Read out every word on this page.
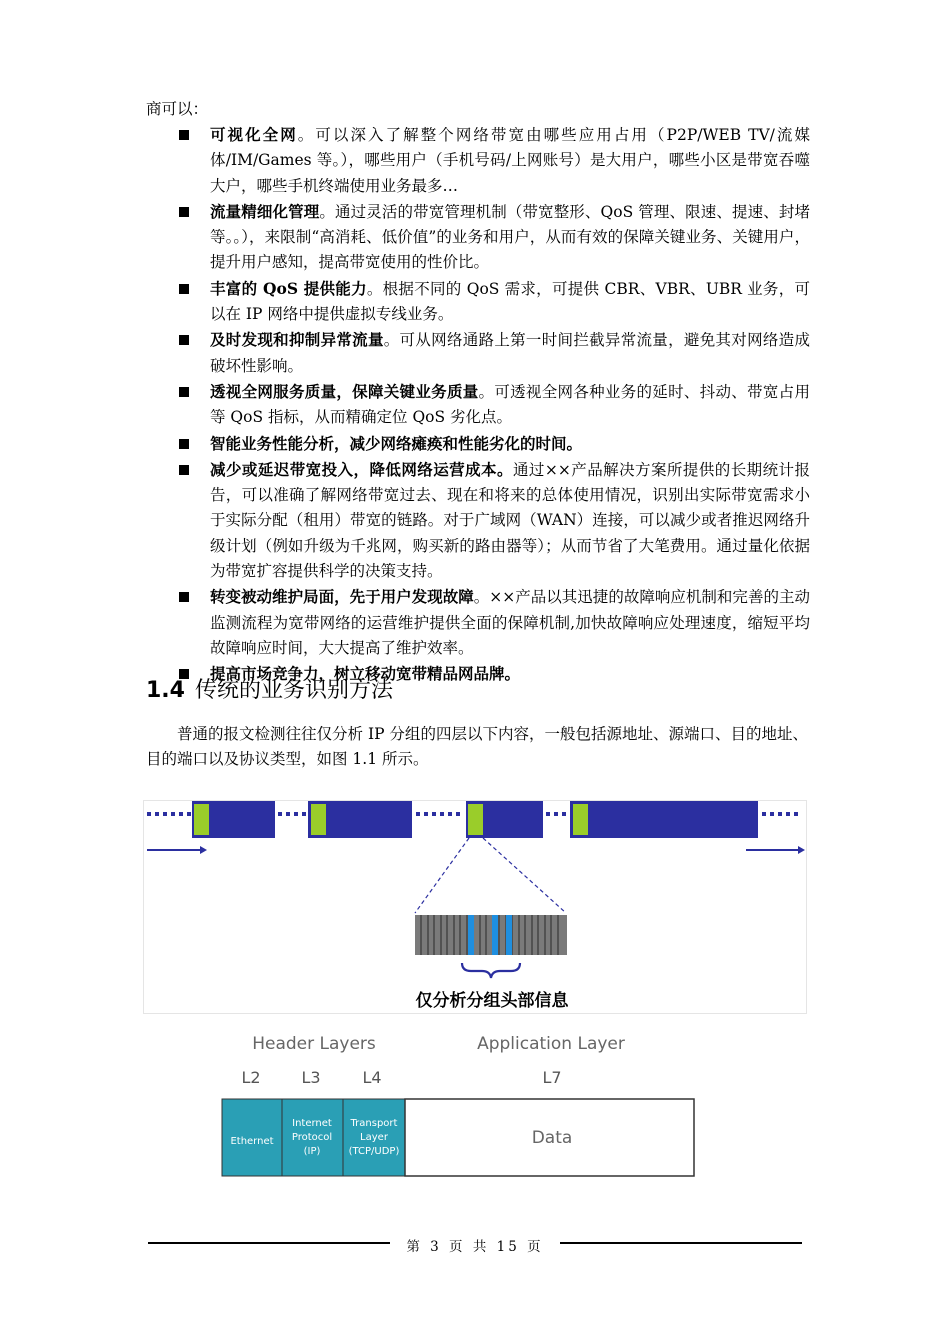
商可以：
可视化全网。可以深入了解整个网络带宽由哪些应用占用（P2P/WEB TV/流媒体/IM/Games 等。），哪些用户（手机号码/上网账号）是大用户，哪些小区是带宽吞噬大户，哪些手机终端使用业务最多…
流量精细化管理。通过灵活的带宽管理机制（带宽整形、QoS 管理、限速、提速、封堵等。。），来限制“高消耗、低价值”的业务和用户，从而有效的保障关键业务、关键用户，提升用户感知，提高带宽使用的性价比。
丰富的 QoS 提供能力。根据不同的 QoS 需求，可提供 CBR、VBR、UBR 业务，可以在 IP 网络中提供虚拟专线业务。
及时发现和抑制异常流量。可从网络通路上第一时间拦截异常流量，避免其对网络造成破坏性影响。
透视全网服务质量，保障关键业务质量。可透视全网各种业务的延时、抖动、带宽占用等 QoS 指标，从而精确定位 QoS 劣化点。
智能业务性能分析，减少网络瘫痪和性能劣化的时间。
减少或延迟带宽投入，降低网络运营成本。通过××产品解决方案所提供的长期统计报告，可以准确了解网络带宽过去、现在和将来的总体使用情况，识别出实际带宽需求小于实际分配（租用）带宽的链路。对于广域网（WAN）连接，可以减少或者推迟网络升级计划（例如升级为千兆网，购买新的路由器等）；从而节省了大笔费用。通过量化依据为带宽扩容提供科学的决策支持。
转变被动维护局面，先于用户发现故障。××产品以其迅捷的故障响应机制和完善的主动监测流程为宽带网络的运营维护提供全面的保障机制,加快故障响应处理速度，缩短平均故障响应时间，大大提高了维护效率。
提高市场竞争力，树立移动宽带精品网品牌。
1.4 传统的业务识别方法
普通的报文检测往往仅分析 IP 分组的四层以下内容，一般包括源地址、源端口、目的地址、目的端口以及协议类型，如图 1.1 所示。
仅分析分组头部信息
Header Layers	Application Layer
L2	L3	L4	L7
Ethernet
Internet
Protocol
(IP)
Transport
Layer
(TCP/UDP)
Data
第 3 页 共 15 页
